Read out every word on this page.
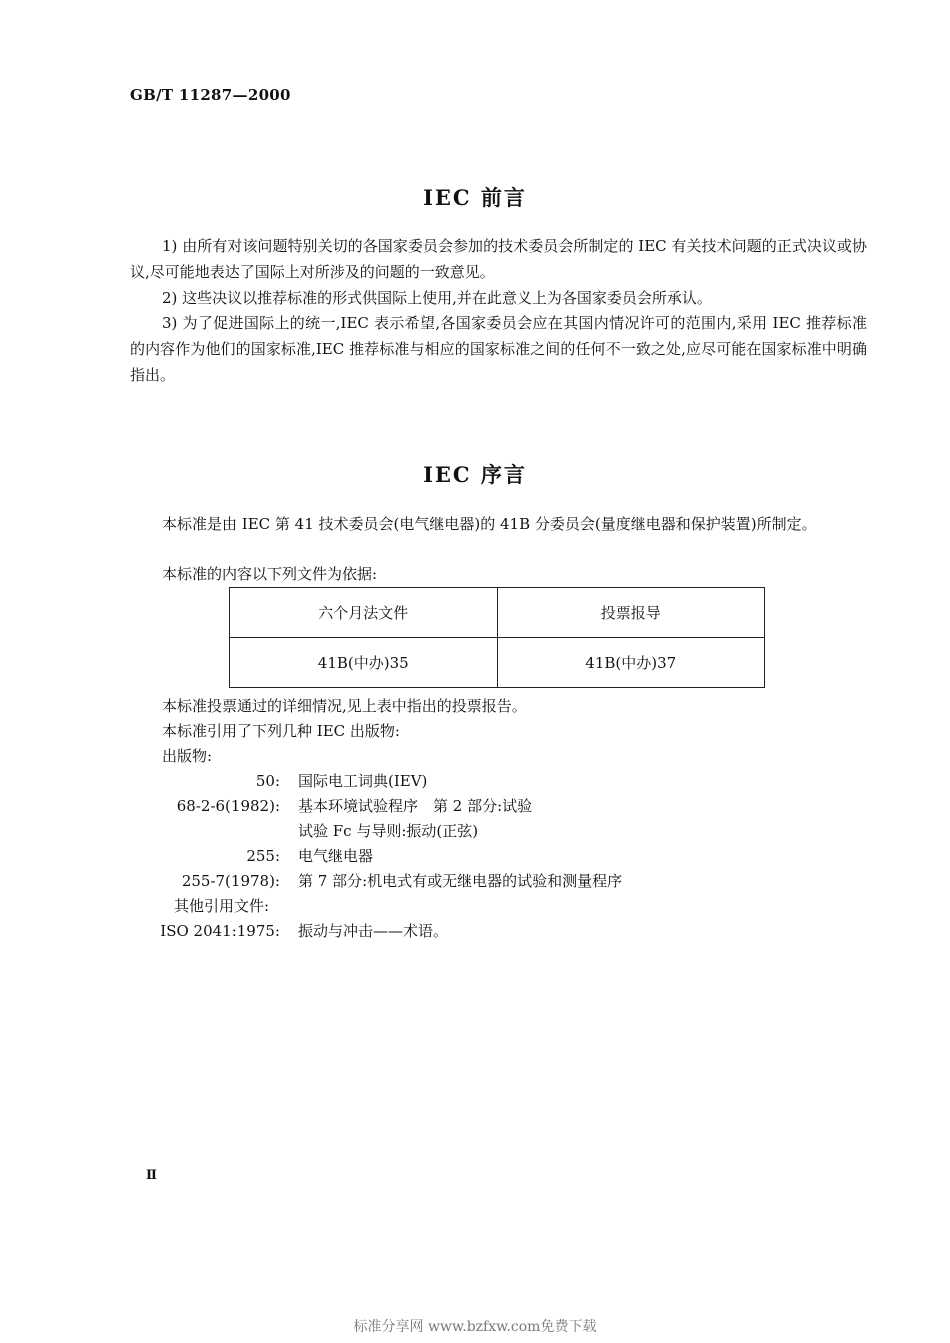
GB/T 11287—2000
IEC 前言
1) 由所有对该问题特别关切的各国家委员会参加的技术委员会所制定的 IEC 有关技术问题的正式决议或协议,尽可能地表达了国际上对所涉及的问题的一致意见。
2) 这些决议以推荐标准的形式供国际上使用,并在此意义上为各国家委员会所承认。
3) 为了促进国际上的统一,IEC 表示希望,各国家委员会应在其国内情况许可的范围内,采用 IEC 推荐标准的内容作为他们的国家标准,IEC 推荐标准与相应的国家标准之间的任何不一致之处,应尽可能在国家标准中明确指出。
IEC 序言
本标准是由 IEC 第 41 技术委员会(电气继电器)的 41B 分委员会(量度继电器和保护装置)所制定。
本标准的内容以下列文件为依据:
六个月法文件	投票报导
41B(中办)35	41B(中办)37
本标准投票通过的详细情况,见上表中指出的投票报告。
本标准引用了下列几种 IEC 出版物:
出版物:
50: 国际电工词典(IEV)
68-2-6(1982): 基本环境试验程序　第 2 部分:试验
试验 Fc 与导则:振动(正弦)
255: 电气继电器
255-7(1978): 第 7 部分:机电式有或无继电器的试验和测量程序
其他引用文件:
ISO 2041:1975: 振动与冲击——术语。
Ⅱ
标准分享网 www.bzfxw.com免费下载
